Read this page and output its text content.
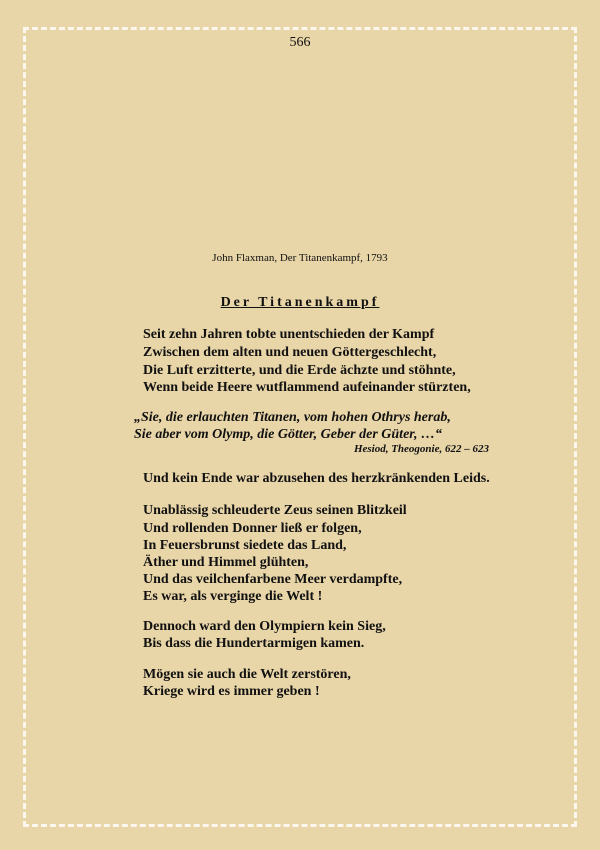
566
John Flaxman, Der Titanenkampf, 1793
Der Titanenkampf
Seit zehn Jahren tobte unentschieden der Kampf
Zwischen dem alten und neuen Göttergeschlecht,
Die Luft erzitterte, und die Erde ächzte und stöhnte,
Wenn beide Heere wutflammend aufeinander stürzten,
„Sie, die erlauchten Titanen, vom hohen Othrys herab,
Sie aber vom Olymp, die Götter, Geber der Güter, …“
Hesiod, Theogonie, 622 – 623
Und kein Ende war abzusehen des herzkränkenden Leids.
Unablässig schleuderte Zeus seinen Blitzkeil
Und rollenden Donner ließ er folgen,
In Feuersbrunst siedete das Land,
Äther und Himmel glühten,
Und das veilchenfarbene Meer verdampfte,
Es war, als verginge die Welt !
Dennoch ward den Olympiern kein Sieg,
Bis dass die Hundertarmigen kamen.
Mögen sie auch die Welt zerstören,
Kriege wird es immer geben !
